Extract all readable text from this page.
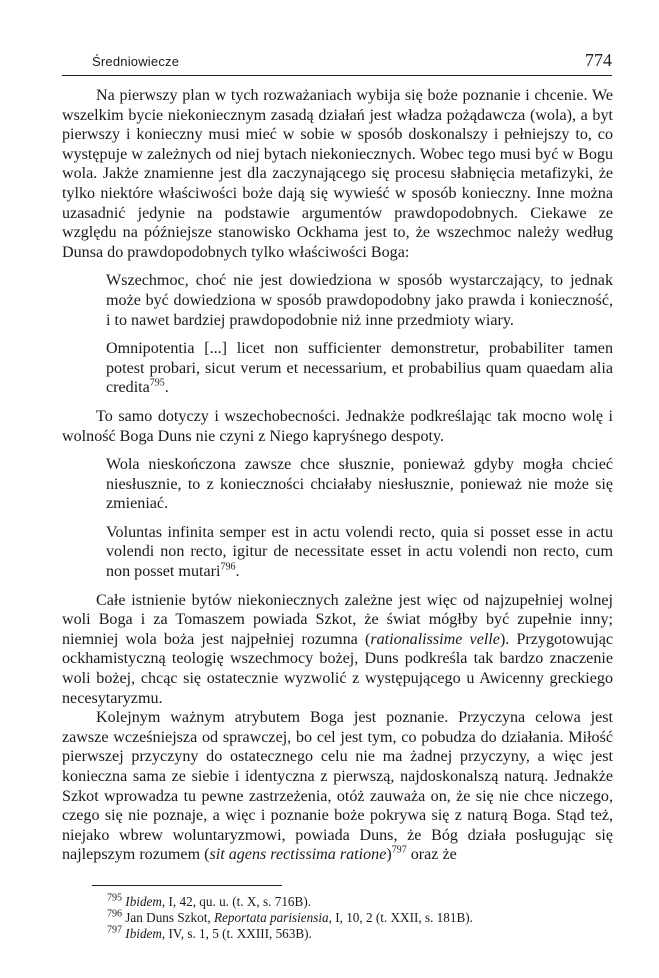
Średniowiecze	774

Na pierwszy plan w tych rozważaniach wybija się boże poznanie i chcenie. We wszelkim bycie niekoniecznym zasadą działań jest władza pożądawcza (wola), a byt pierwszy i konieczny musi mieć w sobie w sposób doskonalszy i pełniejszy to, co występuje w zależnych od niej bytach niekoniecznych. Wobec tego musi być w Bogu wola. Jakże znamienne jest dla zaczynającego się procesu słabnięcia metafizyki, że tylko niektóre właściwości boże dają się wywieść w sposób konieczny. Inne można uzasadnić jedynie na podstawie argumentów prawdopodobnych. Ciekawe ze względu na późniejsze stanowisko Ockhama jest to, że wszechmoc należy według Dunsa do prawdopodobnych tylko właściwości Boga:

Wszechmoc, choć nie jest dowiedziona w sposób wystarczający, to jednak może być dowiedziona w sposób prawdopodobny jako prawda i konieczność, i to nawet bardziej prawdopodobnie niż inne przedmioty wiary.

Omnipotentia [...] licet non sufficienter demonstretur, probabiliter tamen potest probari, sicut verum et necessarium, et probabilius quam quaedam alia credita$^{795}$.

To samo dotyczy i wszechobecności. Jednakże podkreślając tak mocno wolę i wolność Boga Duns nie czyni z Niego kapryśnego despoty.

Wola nieskończona zawsze chce słusznie, ponieważ gdyby mogła chcieć niesłusznie, to z konieczności chciałaby niesłusznie, ponieważ nie może się zmieniać.

Voluntas infinita semper est in actu volendi recto, quia si posset esse in actu volendi non recto, igitur de necessitate esset in actu volendi non recto, cum non posset mutari$^{796}$.

Całe istnienie bytów niekoniecznych zależne jest więc od najzupełniej wolnej woli Boga i za Tomaszem powiada Szkot, że świat mógłby być zupełnie inny; niemniej wola boża jest najpełniej rozumna (rationalissime velle). Przygotowując ockhamistyczną teologię wszechmocy bożej, Duns podkreśla tak bardzo znaczenie woli bożej, chcąc się ostatecznie wyzwolić z występującego u Awicenny greckiego necesytaryzmu.

Kolejnym ważnym atrybutem Boga jest poznanie. Przyczyna celowa jest zawsze wcześniejsza od sprawczej, bo cel jest tym, co pobudza do działania. Miłość pierwszej przyczyny do ostatecznego celu nie ma żadnej przyczyny, a więc jest konieczna sama ze siebie i identyczna z pierwszą, najdoskonalszą naturą. Jednakże Szkot wprowadza tu pewne zastrzeżenia, otóż zauważa on, że się nie chce niczego, czego się nie poznaje, a więc i poznanie boże pokrywa się z naturą Boga. Stąd też, niejako wbrew woluntaryzmowi, powiada Duns, że Bóg działa posługując się najlepszym rozumem (sit agens rectissima ratione)$^{797}$ oraz że

$^{795}$ Ibidem, I, 42, qu. u. (t. X, s. 716B).
$^{796}$ Jan Duns Szkot, Reportata parisiensia, I, 10, 2 (t. XXII, s. 181B).
$^{797}$ Ibidem, IV, s. 1, 5 (t. XXIII, 563B).
